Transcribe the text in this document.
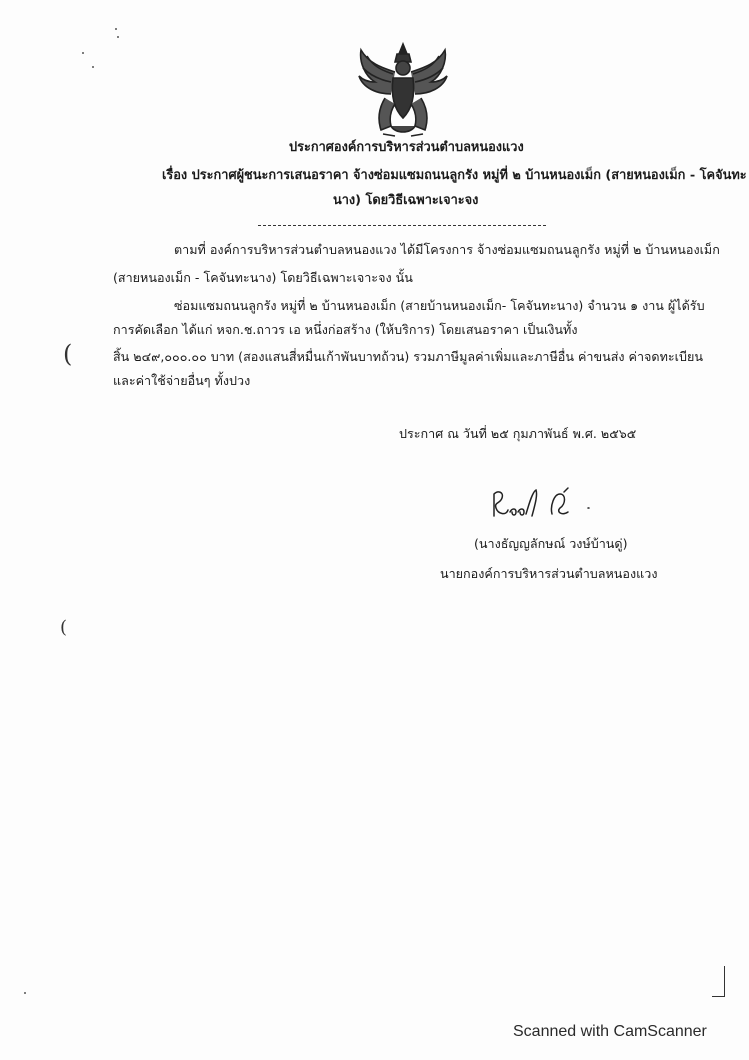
ประกาศองค์การบริหารส่วนตำบลหนองแวง
เรื่อง ประกาศผู้ชนะการเสนอราคา จ้างซ่อมแซมถนนลูกรัง หมู่ที่ ๒ บ้านหนองเม็ก (สายหนองเม็ก - โคจันทะ
นาง) โดยวิธีเฉพาะเจาะจง
ตามที่ องค์การบริหารส่วนตำบลหนองแวง ได้มีโครงการ จ้างซ่อมแซมถนนลูกรัง หมู่ที่ ๒ บ้านหนองเม็ก
(สายหนองเม็ก - โคจันทะนาง) โดยวิธีเฉพาะเจาะจง นั้น
ซ่อมแซมถนนลูกรัง หมู่ที่ ๒ บ้านหนองเม็ก (สายบ้านหนองเม็ก- โคจันทะนาง) จำนวน ๑ งาน ผู้ได้รับ
การคัดเลือก ได้แก่ หจก.ช.ถาวร เอ หนึ่งก่อสร้าง (ให้บริการ) โดยเสนอราคา เป็นเงินทั้ง
สิ้น ๒๔๙,๐๐๐.๐๐ บาท (สองแสนสี่หมื่นเก้าพันบาทถ้วน) รวมภาษีมูลค่าเพิ่มและภาษีอื่น ค่าขนส่ง ค่าจดทะเบียน
และค่าใช้จ่ายอื่นๆ ทั้งปวง
ประกาศ ณ วันที่ ๒๕ กุมภาพันธ์ พ.ศ. ๒๕๖๕
(นางธัญญลักษณ์ วงษ์บ้านดู่)
นายกองค์การบริหารส่วนตำบลหนองแวง
(
(
Scanned with CamScanner
